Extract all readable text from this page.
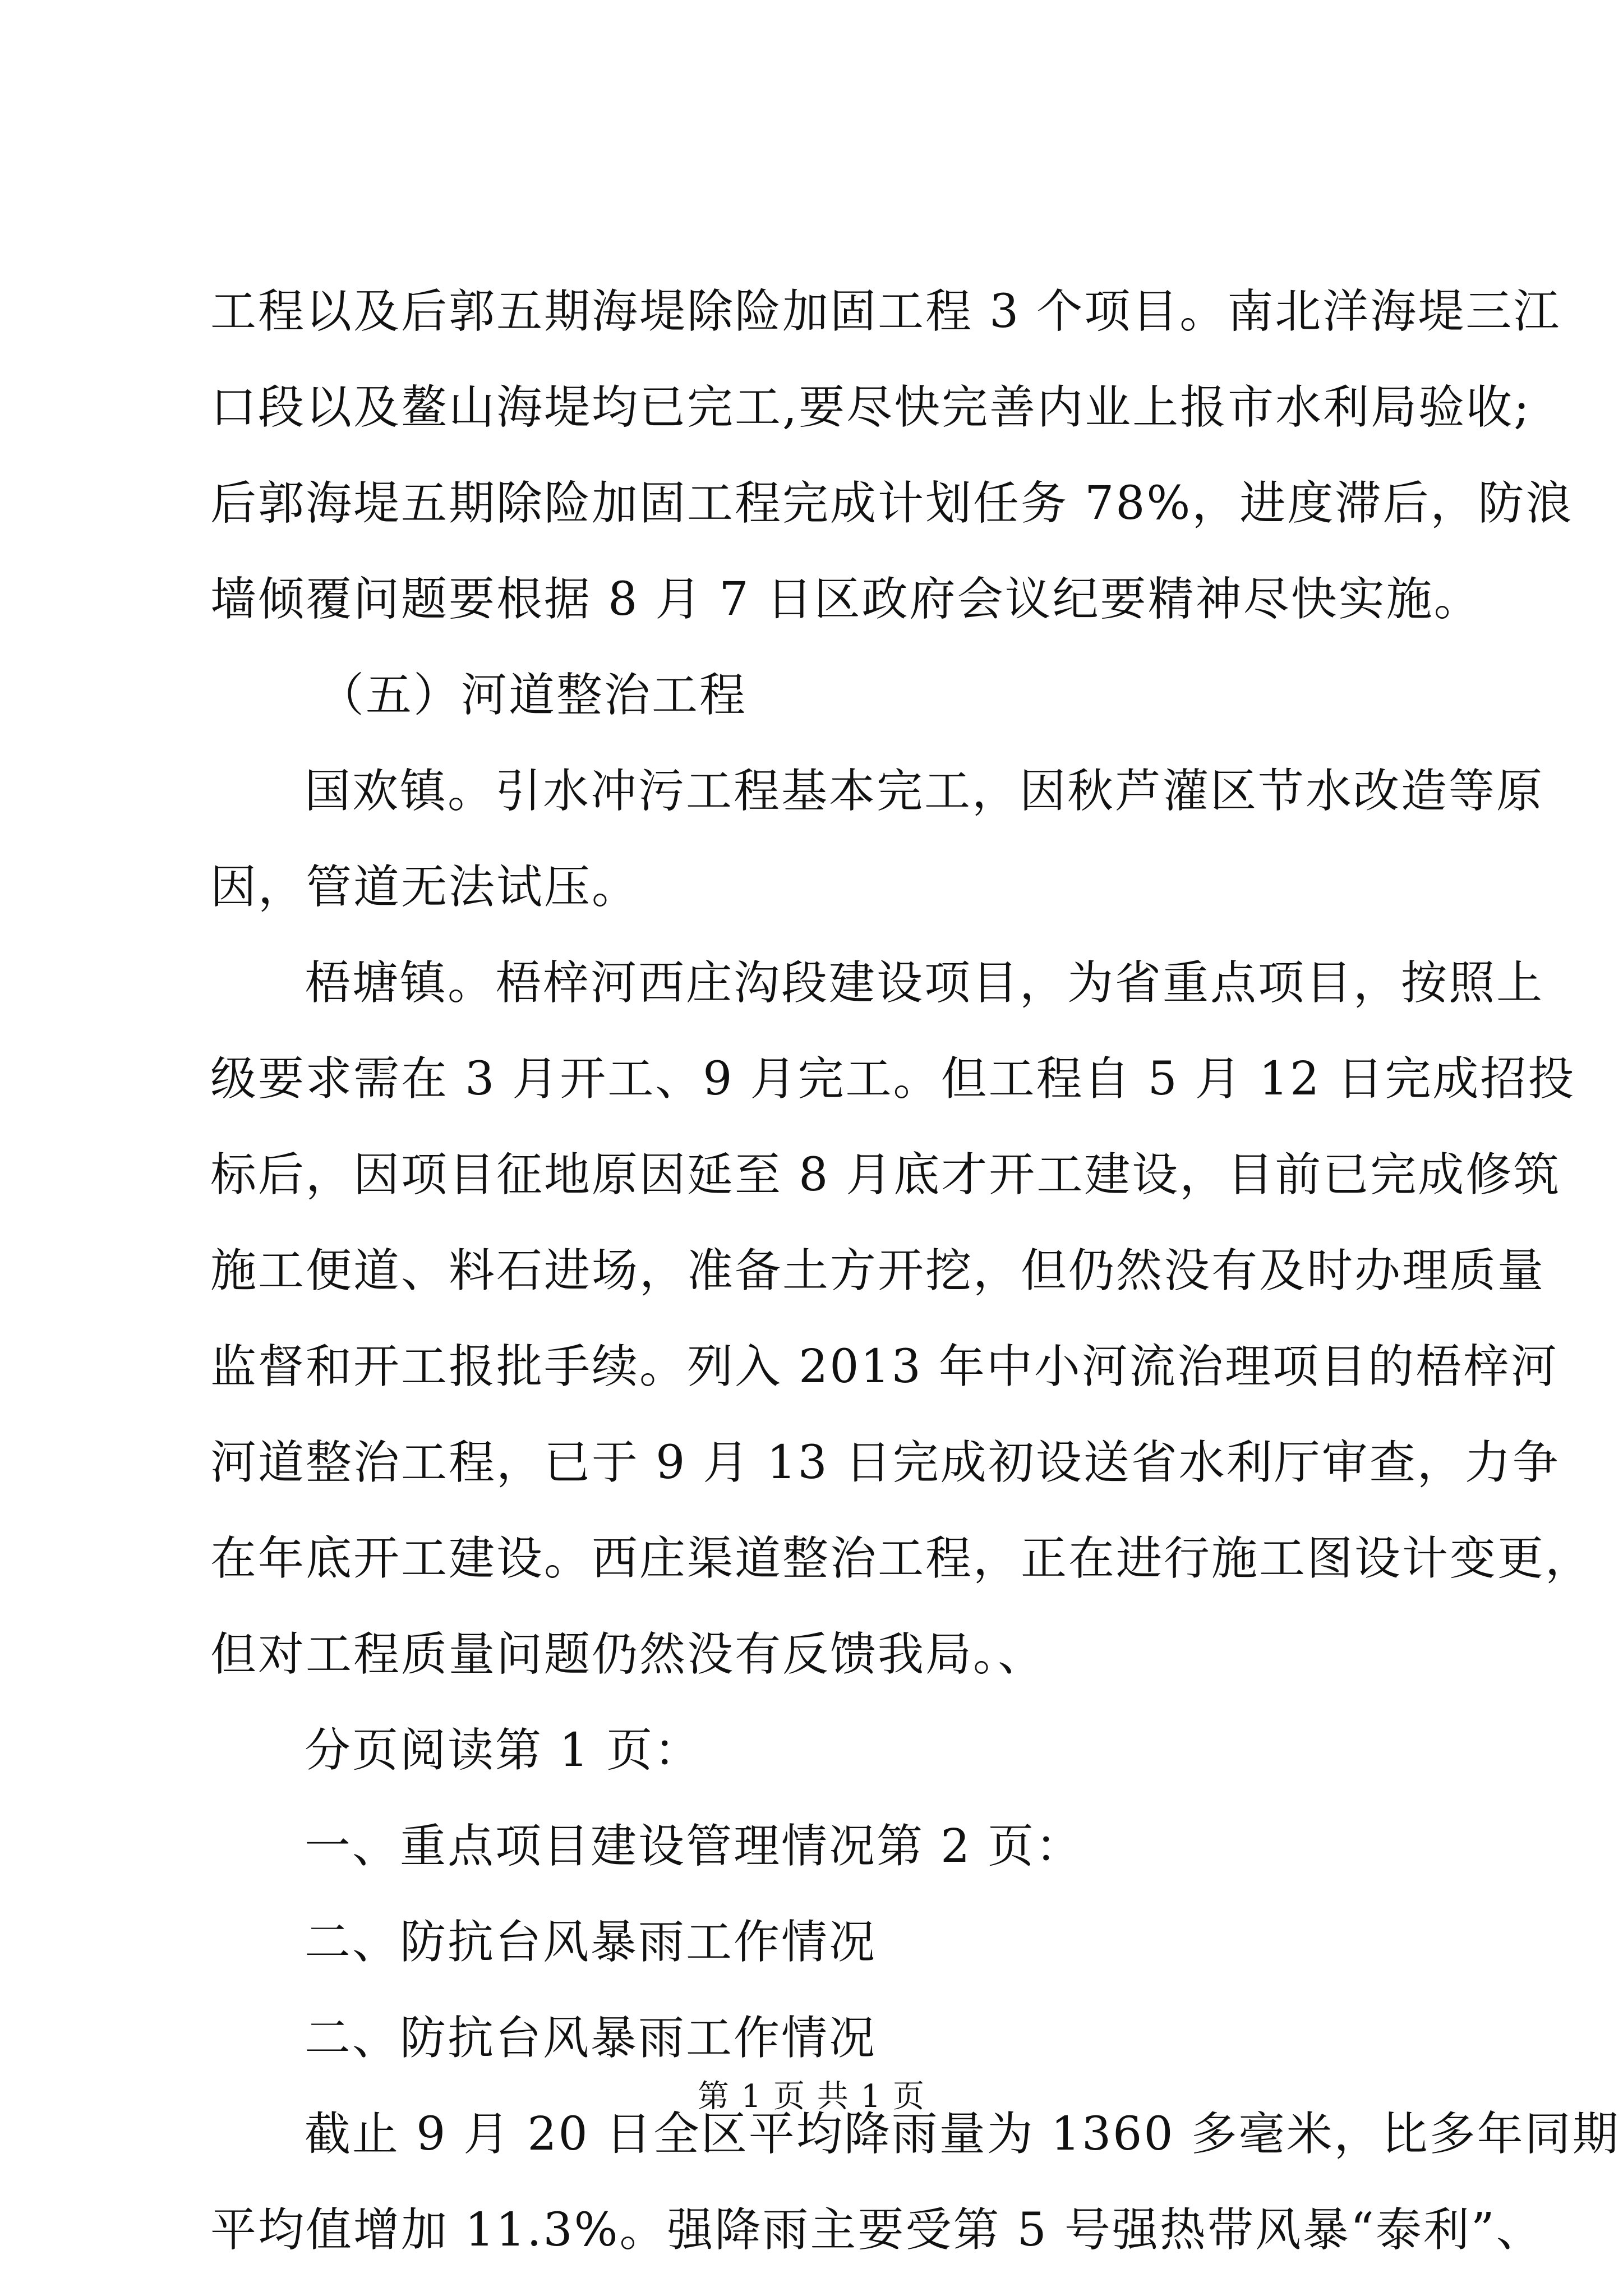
工程以及后郭五期海堤除险加固工程 3 个项目。南北洋海堤三江
口段以及鳌山海堤均已完工,要尽快完善内业上报市水利局验收;
后郭海堤五期除险加固工程完成计划任务 78%，进度滞后，防浪
墙倾覆问题要根据 8 月 7 日区政府会议纪要精神尽快实施。
（五）河道整治工程
国欢镇。引水冲污工程基本完工，因秋芦灌区节水改造等原
因，管道无法试压。
梧塘镇。梧梓河西庄沟段建设项目，为省重点项目，按照上
级要求需在 3 月开工、9 月完工。但工程自 5 月 12 日完成招投
标后，因项目征地原因延至 8 月底才开工建设，目前已完成修筑
施工便道、料石进场，准备土方开挖，但仍然没有及时办理质量
监督和开工报批手续。列入 2013 年中小河流治理项目的梧梓河
河道整治工程，已于 9 月 13 日完成初设送省水利厅审查，力争
在年底开工建设。西庄渠道整治工程，正在进行施工图设计变更，
但对工程质量问题仍然没有反馈我局。、
分页阅读第 1 页：
一、重点项目建设管理情况第 2 页：
二、防抗台风暴雨工作情况
二、防抗台风暴雨工作情况
截止 9 月 20 日全区平均降雨量为 1360 多毫米，比多年同期
平均值增加 11.3%。强降雨主要受第 5 号强热带风暴“泰利”、
第 1 页 共 1 页
